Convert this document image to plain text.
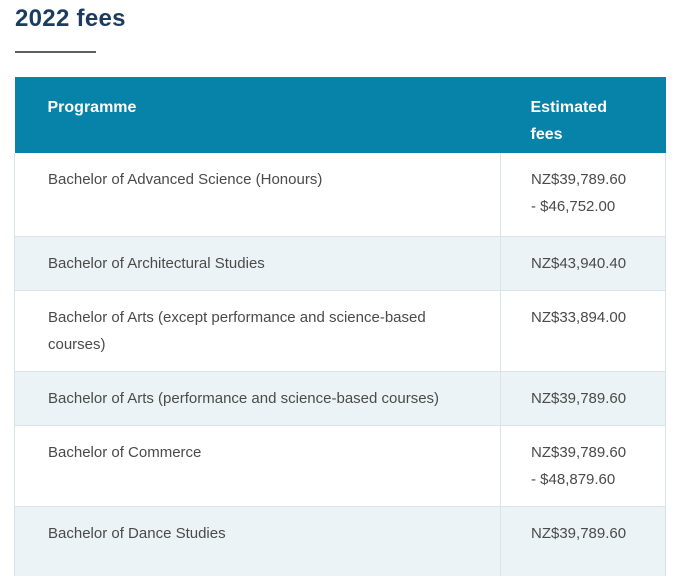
2022 fees
Programme	Estimated fees
Bachelor of Advanced Science (Honours)	NZ$39,789.60
- $46,752.00

Bachelor of Architectural Studies	NZ$43,940.40

Bachelor of Arts (except performance and science-based courses)	NZ$33,894.00

Bachelor of Arts (performance and science-based courses)	NZ$39,789.60

Bachelor of Commerce	NZ$39,789.60
- $48,879.60

Bachelor of Dance Studies	NZ$39,789.60
